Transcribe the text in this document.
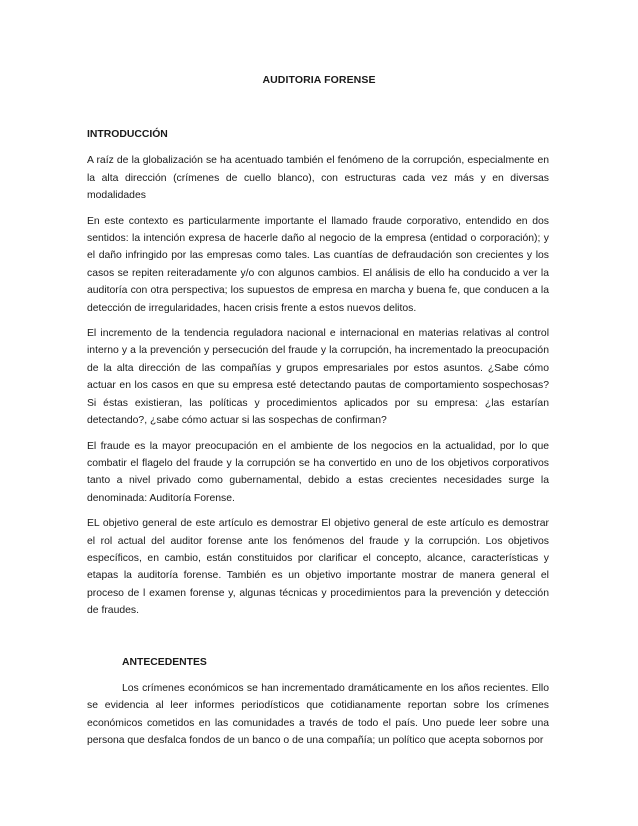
AUDITORIA FORENSE
INTRODUCCIÓN

A raíz de la globalización se ha acentuado también el fenómeno de la corrupción, especialmente en la alta dirección (crímenes de cuello blanco), con estructuras cada vez más y en diversas modalidades

En este contexto es particularmente importante el llamado fraude corporativo, entendido en dos sentidos: la intención expresa de hacerle daño al negocio de la empresa (entidad o corporación); y el daño infringido por las empresas como tales. Las cuantías de defraudación son crecientes y los casos se repiten reiteradamente y/o con algunos cambios. El análisis de ello ha conducido a ver la auditoría con otra perspectiva; los supuestos de empresa en marcha y buena fe, que conducen a la detección de irregularidades, hacen crisis frente a estos nuevos delitos.

El incremento de la tendencia reguladora nacional e internacional en materias relativas al control interno y a la prevención y persecución del fraude y la corrupción, ha incrementado la preocupación de la alta dirección de las compañías y grupos empresariales por estos asuntos. ¿Sabe cómo actuar en los casos en que su empresa esté detectando pautas de comportamiento sospechosas? Si éstas existieran, las políticas y procedimientos aplicados por su empresa: ¿las estarían detectando?, ¿sabe cómo actuar si las sospechas de confirman?

El fraude es la mayor preocupación en el ambiente de los negocios en la actualidad, por lo que combatir el flagelo del fraude y la corrupción se ha convertido en uno de los objetivos corporativos tanto a nivel privado como gubernamental, debido a estas crecientes necesidades surge la denominada: Auditoría Forense.

EL objetivo general de este artículo es demostrar El objetivo general de este artículo es demostrar el rol actual del auditor forense ante los fenómenos del fraude y la corrupción. Los objetivos específicos, en cambio, están constituidos por clarificar el concepto, alcance, características y etapas la auditoría forense. También es un objetivo importante mostrar de manera general el proceso de l examen forense y, algunas técnicas y procedimientos para la prevención y detección de fraudes.

ANTECEDENTES

Los crímenes económicos se han incrementado dramáticamente en los años recientes. Ello se evidencia al leer informes periodísticos que cotidianamente reportan sobre los crímenes económicos cometidos en las comunidades a través de todo el país. Uno puede leer sobre una persona que desfalca fondos de un banco o de una compañía; un político que acepta sobornos por
